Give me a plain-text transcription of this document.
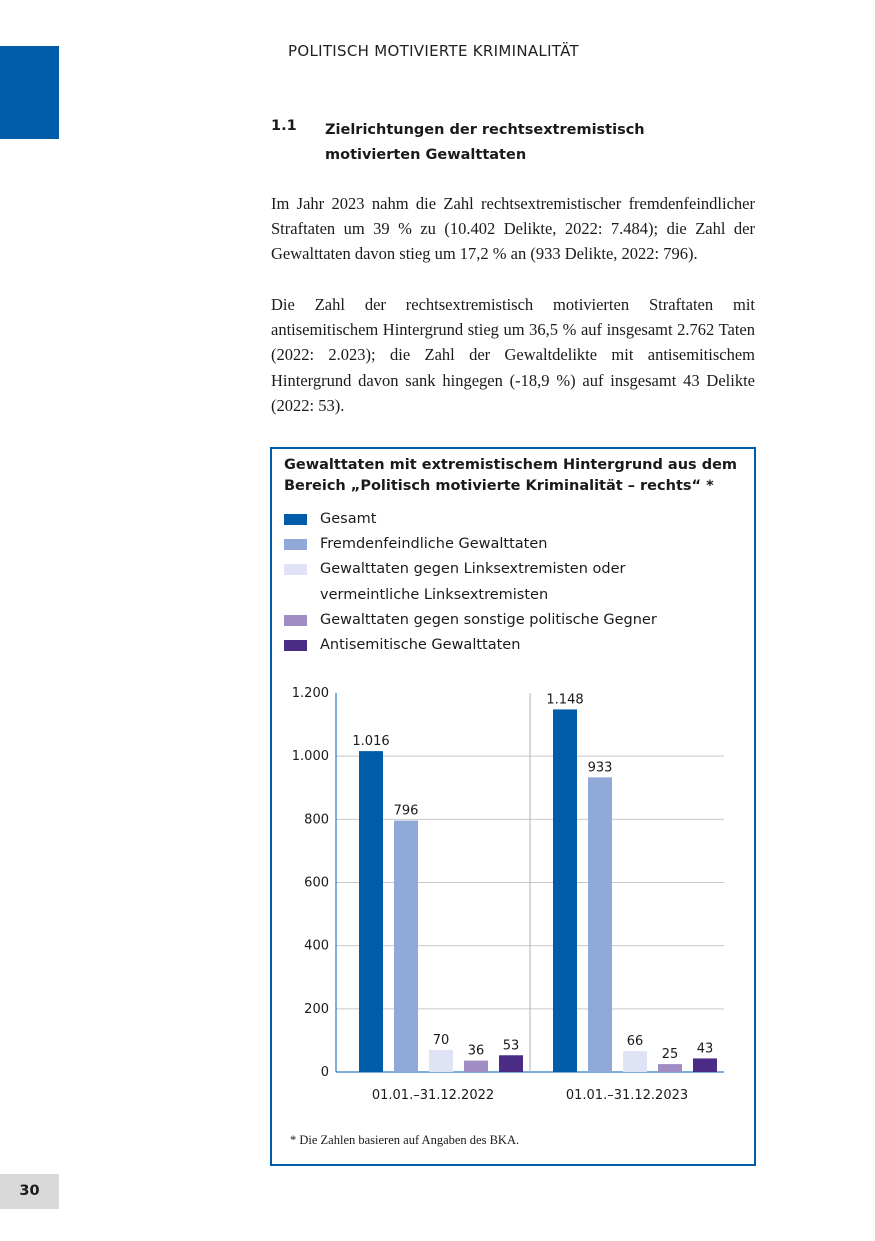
POLITISCH MOTIVIERTE KRIMINALITÄT
1.1 Zielrichtungen der rechtsextremistisch motivierten Gewalttaten

Im Jahr 2023 nahm die Zahl rechtsextremistischer fremdenfeindlicher Straftaten um 39 % zu (10.402 Delikte, 2022: 7.484); die Zahl der Gewalttaten davon stieg um 17,2 % an (933 Delikte, 2022: 796).

Die Zahl der rechtsextremistisch motivierten Straftaten mit antisemitischem Hintergrund stieg um 36,5 % auf insgesamt 2.762 Taten (2022: 2.023); die Zahl der Gewaltdelikte mit antisemitischem Hintergrund davon sank hingegen (-18,9 %) auf insgesamt 43 Delikte (2022: 53).

Gewalttaten mit extremistischem Hintergrund aus dem Bereich „Politisch motivierte Kriminalität – rechts“ *
Gesamt
Fremdenfeindliche Gewalttaten
Gewalttaten gegen Linksextremisten oder vermeintliche Linksextremisten
Gewalttaten gegen sonstige politische Gegner
Antisemitische Gewalttaten
0
200
400
600
800
1.000
1.200
1.016
796
70
36 53
01.01.–31.12.2022
1.148
933
66
25 43
01.01.–31.12.2023
* Die Zahlen basieren auf Angaben des BKA.
30
